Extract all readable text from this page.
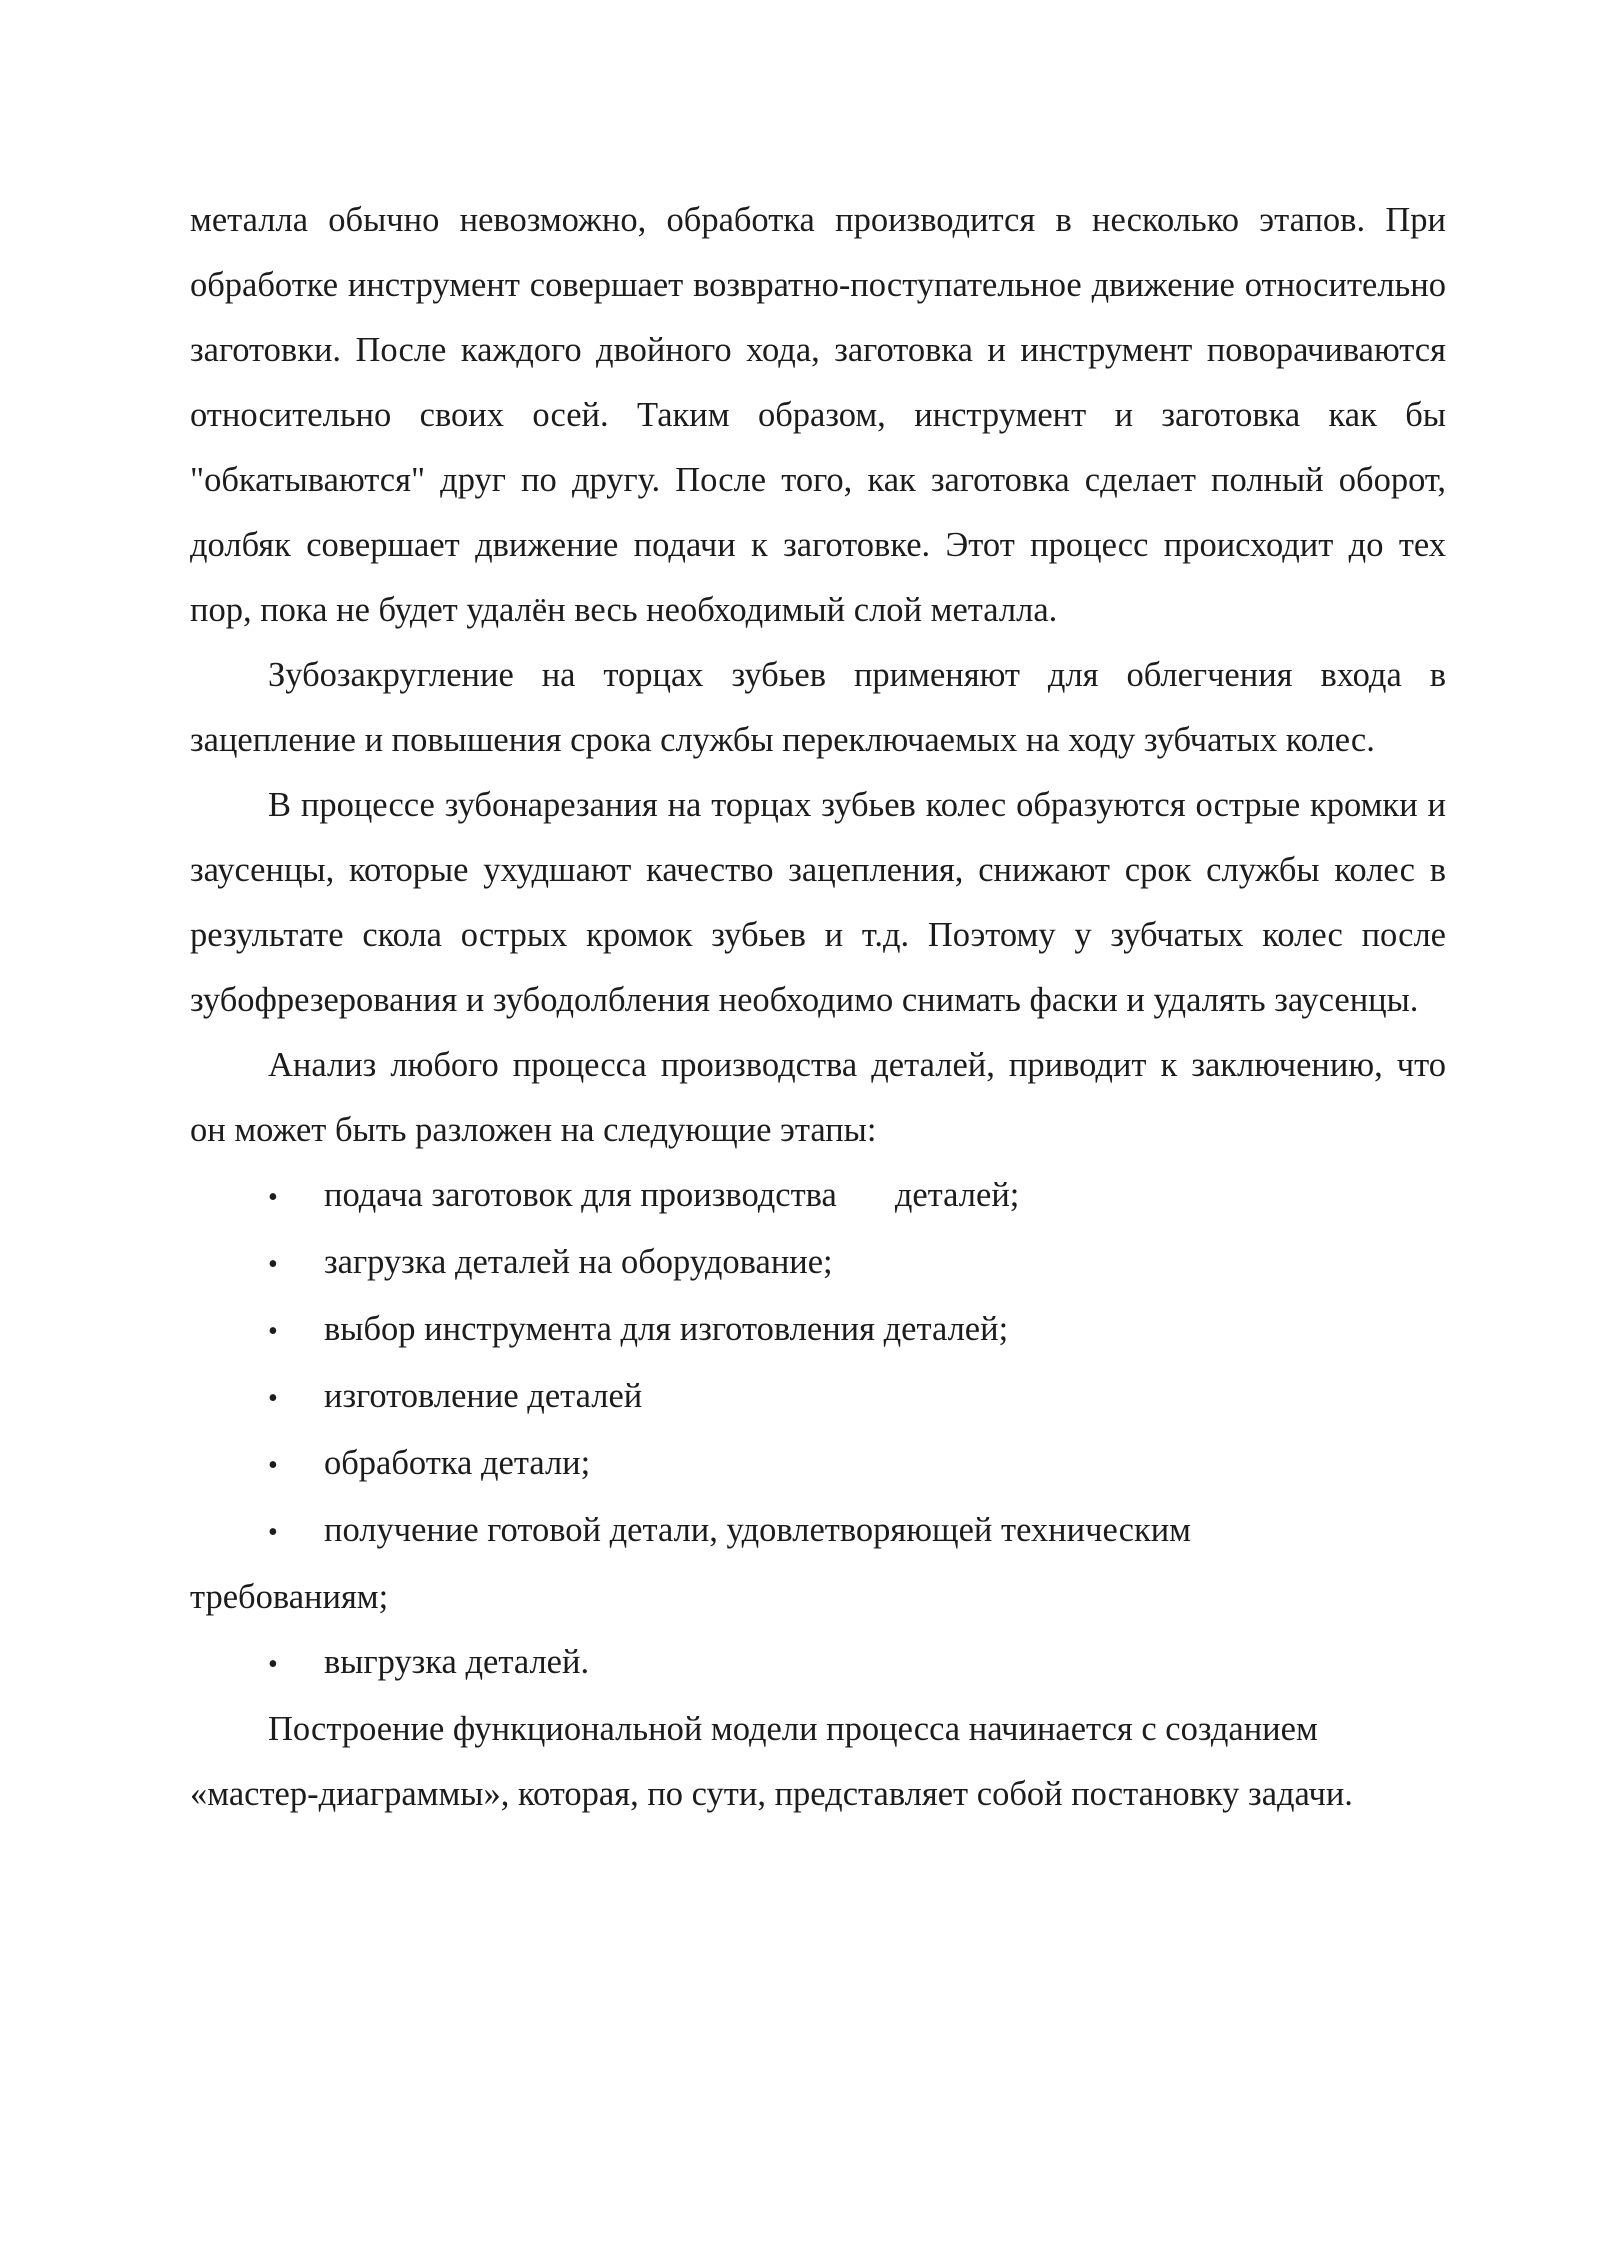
металла обычно невозможно, обработка производится в несколько этапов. При обработке инструмент совершает возвратно-поступательное движение относительно заготовки. После каждого двойного хода, заготовка и инструмент поворачиваются относительно своих осей. Таким образом, инструмент и заготовка как бы "обкатываются" друг по другу. После того, как заготовка сделает полный оборот, долбяк совершает движение подачи к заготовке. Этот процесс происходит до тех пор, пока не будет удалён весь необходимый слой металла.

Зубозакругление на торцах зубьев применяют для облегчения входа в зацепление и повышения срока службы переключаемых на ходу зубчатых колес.

В процессе зубонарезания на торцах зубьев колес образуются острые кромки и заусенцы, которые ухудшают качество зацепления, снижают срок службы колес в результате скола острых кромок зубьев и т.д. Поэтому у зубчатых колес после зубофрезерования и зубодолбления необходимо снимать фаски и удалять заусенцы.

Анализ любого процесса производства деталей, приводит к заключению, что он может быть разложен на следующие этапы:

• подача заготовок для производства деталей;
• загрузка деталей на оборудование;
• выбор инструмента для изготовления деталей;
• изготовление деталей
• обработка детали;
• получение готовой детали, удовлетворяющей техническим
требованиям;
• выгрузка деталей.

Построение функциональной модели процесса начинается с созданием «мастер-диаграммы», которая, по сути, представляет собой постановку задачи.
